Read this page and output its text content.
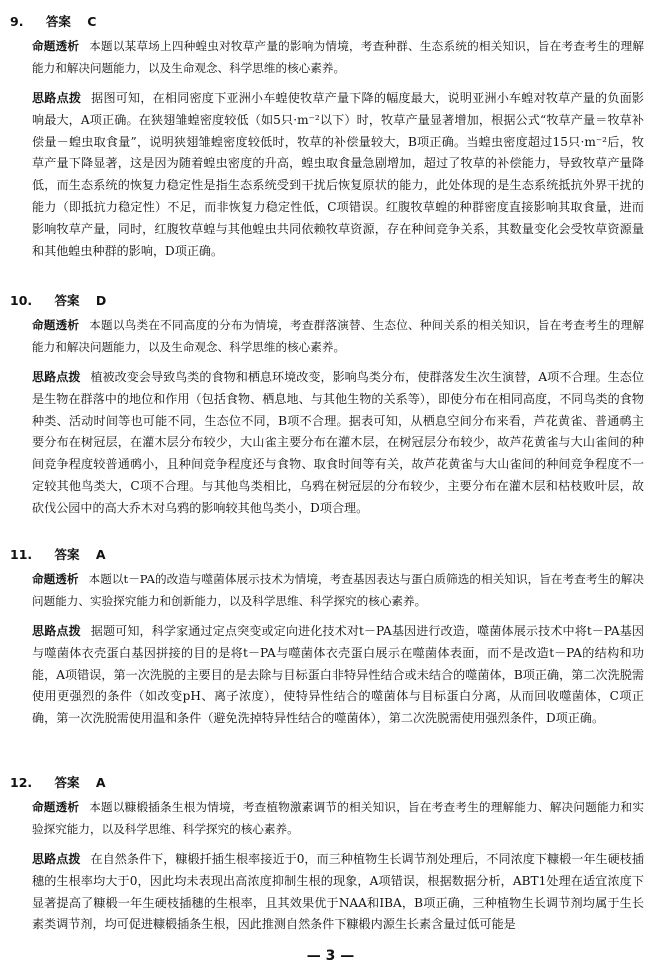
9. 答案 C
命题透析 本题以某草场上四种蝗虫对牧草产量的影响为情境，考查种群、生态系统的相关知识，旨在考查考生的理解能力和解决问题能力，以及生命观念、科学思维的核心素养。
思路点拨 据图可知，在相同密度下亚洲小车蝗使牧草产量下降的幅度最大，说明亚洲小车蝗对牧草产量的负面影响最大，A项正确。在狭翅雏蝗密度较低（如5只·m⁻²以下）时，牧草产量显著增加，根据公式“牧草产量＝牧草补偿量－蝗虫取食量”，说明狭翅雏蝗密度较低时，牧草的补偿量较大，B项正确。当蝗虫密度超过15只·m⁻²后，牧草产量下降显著，这是因为随着蝗虫密度的升高，蝗虫取食量急剧增加，超过了牧草的补偿能力，导致牧草产量降低，而生态系统的恢复力稳定性是指生态系统受到干扰后恢复原状的能力，此处体现的是生态系统抵抗外界干扰的能力（即抵抗力稳定性）不足，而非恢复力稳定性低，C项错误。红腹牧草蝗的种群密度直接影响其取食量，进而影响牧草产量，同时，红腹牧草蝗与其他蝗虫共同依赖牧草资源，存在种间竞争关系，其数量变化会受牧草资源量和其他蝗虫种群的影响，D项正确。
10. 答案 D
命题透析 本题以鸟类在不同高度的分布为情境，考查群落演替、生态位、种间关系的相关知识，旨在考查考生的理解能力和解决问题能力，以及生命观念、科学思维的核心素养。
思路点拨 植被改变会导致鸟类的食物和栖息环境改变，影响鸟类分布，使群落发生次生演替，A项不合理。生态位是生物在群落中的地位和作用（包括食物、栖息地、与其他生物的关系等），即使分布在相同高度，不同鸟类的食物种类、活动时间等也可能不同，生态位不同，B项不合理。据表可知，从栖息空间分布来看，芦花黄雀、普通䴓主要分布在树冠层，在灌木层分布较少，大山雀主要分布在灌木层，在树冠层分布较少，故芦花黄雀与大山雀间的种间竞争程度较普通䴓小，且种间竞争程度还与食物、取食时间等有关，故芦花黄雀与大山雀间的种间竞争程度不一定较其他鸟类大，C项不合理。与其他鸟类相比，乌鸦在树冠层的分布较少，主要分布在灌木层和枯枝败叶层，故砍伐公园中的高大乔木对乌鸦的影响较其他鸟类小，D项合理。
11. 答案 A
命题透析 本题以t－PA的改造与噬菌体展示技术为情境，考查基因表达与蛋白质筛选的相关知识，旨在考查考生的解决问题能力、实验探究能力和创新能力，以及科学思维、科学探究的核心素养。
思路点拨 据题可知，科学家通过定点突变或定向进化技术对t－PA基因进行改造，噬菌体展示技术中将t－PA基因与噬菌体衣壳蛋白基因拼接的目的是将t－PA与噬菌体衣壳蛋白展示在噬菌体表面，而不是改造t－PA的结构和功能，A项错误，第一次洗脱的主要目的是去除与目标蛋白非特异性结合或未结合的噬菌体，B项正确，第二次洗脱需使用更强烈的条件（如改变pH、离子浓度），使特异性结合的噬菌体与目标蛋白分离，从而回收噬菌体，C项正确，第一次洗脱需使用温和条件（避免洗掉特异性结合的噬菌体），第二次洗脱需使用强烈条件，D项正确。
12. 答案 A
命题透析 本题以糠椴插条生根为情境，考查植物激素调节的相关知识，旨在考查考生的理解能力、解决问题能力和实验探究能力，以及科学思维、科学探究的核心素养。
思路点拨 在自然条件下，糠椴扦插生根率接近于0，而三种植物生长调节剂处理后，不同浓度下糠椴一年生硬枝插穗的生根率均大于0，因此均未表现出高浓度抑制生根的现象，A项错误，根据数据分析，ABT1处理在适宜浓度下显著提高了糠椴一年生硬枝插穗的生根率，且其效果优于NAA和IBA，B项正确，三种植物生长调节剂均属于生长素类调节剂，均可促进糠椴插条生根，因此推测自然条件下糠椴内源生长素含量过低可能是
— 3 —
